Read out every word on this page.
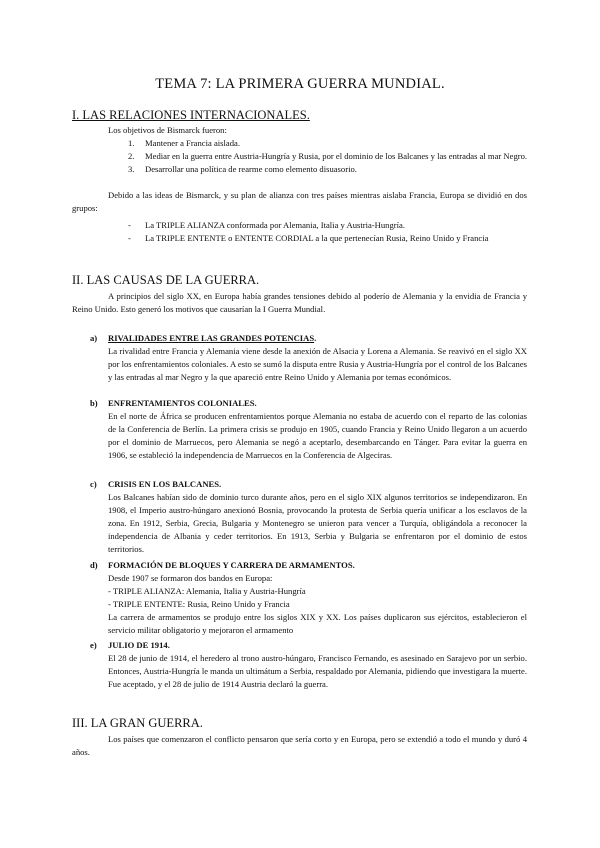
TEMA 7: LA PRIMERA GUERRA MUNDIAL.
I. LAS RELACIONES INTERNACIONALES.
Los objetivos de Bismarck fueron:
1. Mantener a Francia aislada.
2. Mediar en la guerra entre Austria-Hungría y Rusia, por el dominio de los Balcanes y las entradas al mar Negro.
3. Desarrollar una política de rearme como elemento disuasorio.

Debido a las ideas de Bismarck, y su plan de alianza con tres países mientras aislaba Francia, Europa se dividió en dos grupos:

- La TRIPLE ALIANZA conformada por Alemania, Italia y Austria-Hungría.
- La TRIPLE ENTENTE o ENTENTE CORDIAL a la que pertenecían Rusia, Reino Unido y Francia
II. LAS CAUSAS DE LA GUERRA.

A principios del siglo XX, en Europa había grandes tensiones debido al poderío de Alemania y la envidia de Francia y Reino Unido. Esto generó los motivos que causarían la I Guerra Mundial.

a) RIVALIDADES ENTRE LAS GRANDES POTENCIAS.

La rivalidad entre Francia y Alemania viene desde la anexión de Alsacia y Lorena a Alemania. Se reavivó en el siglo XX por los enfrentamientos coloniales. A esto se sumó la disputa entre Rusia y Austria-Hungría por el control de los Balcanes y las entradas al mar Negro y la que apareció entre Reino Unido y Alemania por temas económicos.

b) ENFRENTAMIENTOS COLONIALES.

En el norte de África se producen enfrentamientos porque Alemania no estaba de acuerdo con el reparto de las colonias de la Conferencia de Berlín. La primera crisis se produjo en 1905, cuando Francia y Reino Unido llegaron a un acuerdo por el dominio de Marruecos, pero Alemania se negó a aceptarlo, desembarcando en Tánger. Para evitar la guerra en 1906, se estableció la independencia de Marruecos en la Conferencia de Algeciras.

c) CRISIS EN LOS BALCANES.

Los Balcanes habían sido de dominio turco durante años, pero en el siglo XIX algunos territorios se independizaron. En 1908, el Imperio austro-húngaro anexionó Bosnia, provocando la protesta de Serbia quería unificar a los esclavos de la zona. En 1912, Serbia, Grecia, Bulgaria y Montenegro se unieron para vencer a Turquía, obligándola a reconocer la independencia de Albania y ceder territorios. En 1913, Serbia y Bulgaria se enfrentaron por el dominio de estos territorios.

d) FORMACIÓN DE BLOQUES Y CARRERA DE ARMAMENTOS.
Desde 1907 se formaron dos bandos en Europa:
- TRIPLE ALIANZA: Alemania, Italia y Austria-Hungría
- TRIPLE ENTENTE: Rusia, Reino Unido y Francia

La carrera de armamentos se produjo entre los siglos XIX y XX. Los países duplicaron sus ejércitos, establecieron el servicio militar obligatorio y mejoraron el armamento

e) JULIO DE 1914.

El 28 de junio de 1914, el heredero al trono austro-húngaro, Francisco Fernando, es asesinado en Sarajevo por un serbio. Entonces, Austria-Hungría le manda un ultimátum a Serbia, respaldado por Alemania, pidiendo que investigara la muerte. Fue aceptado, y el 28 de julio de 1914 Austria declaró la guerra.

III. LA GRAN GUERRA.

Los países que comenzaron el conflicto pensaron que sería corto y en Europa, pero se extendió a todo el mundo y duró 4 años.
